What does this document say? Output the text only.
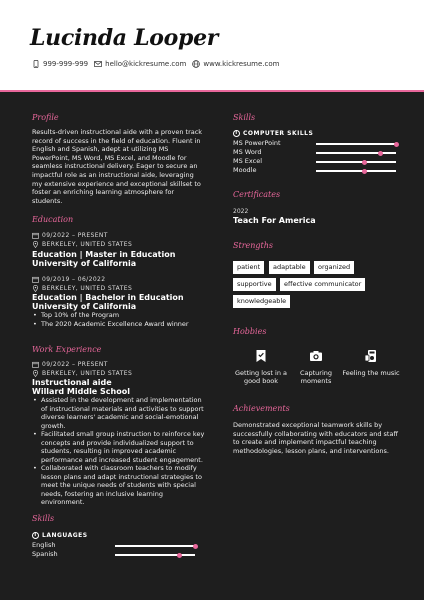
Lucinda Looper
999-999-999 hello@kickresume.com www.kickresume.com
Profile
Results-driven instructional aide with a proven track record of success in the field of education. Fluent in English and Spanish, adept at utilizing MS PowerPoint, MS Word, MS Excel, and Moodle for seamless instructional delivery. Eager to secure an impactful role as an instructional aide, leveraging my extensive experience and exceptional skillset to foster an enriching learning atmosphere for students.
Education
09/2022 – PRESENT
BERKELEY, UNITED STATES
Education | Master in Education
University of California
09/2019 – 06/2022
BERKELEY, UNITED STATES
Education | Bachelor in Education
University of California
• Top 10% of the Program
• The 2020 Academic Excellence Award winner
Work Experience
09/2022 – PRESENT
BERKELEY, UNITED STATES
Instructional aide
Willard Middle School
• Assisted in the development and implementation of instructional materials and activities to support diverse learners' academic and social-emotional growth.
• Facilitated small group instruction to reinforce key concepts and provide individualized support to students, resulting in improved academic performance and increased student engagement.
• Collaborated with classroom teachers to modify lesson plans and adapt instructional strategies to meet the unique needs of students with special needs, fostering an inclusive learning environment.
Skills
i LANGUAGES
English
Spanish
Skills
i COMPUTER SKILLS
MS PowerPoint
MS Word
MS Excel
Moodle
Certificates
2022
Teach For America
Strengths
patient	adaptable	organized
supportive	effective communicator
knowledgeable
Hobbies
Getting lost in a good book
Capturing moments
Feeling the music
Achievements
Demonstrated exceptional teamwork skills by successfully collaborating with educators and staff to create and implement impactful teaching methodologies, lesson plans, and interventions.
